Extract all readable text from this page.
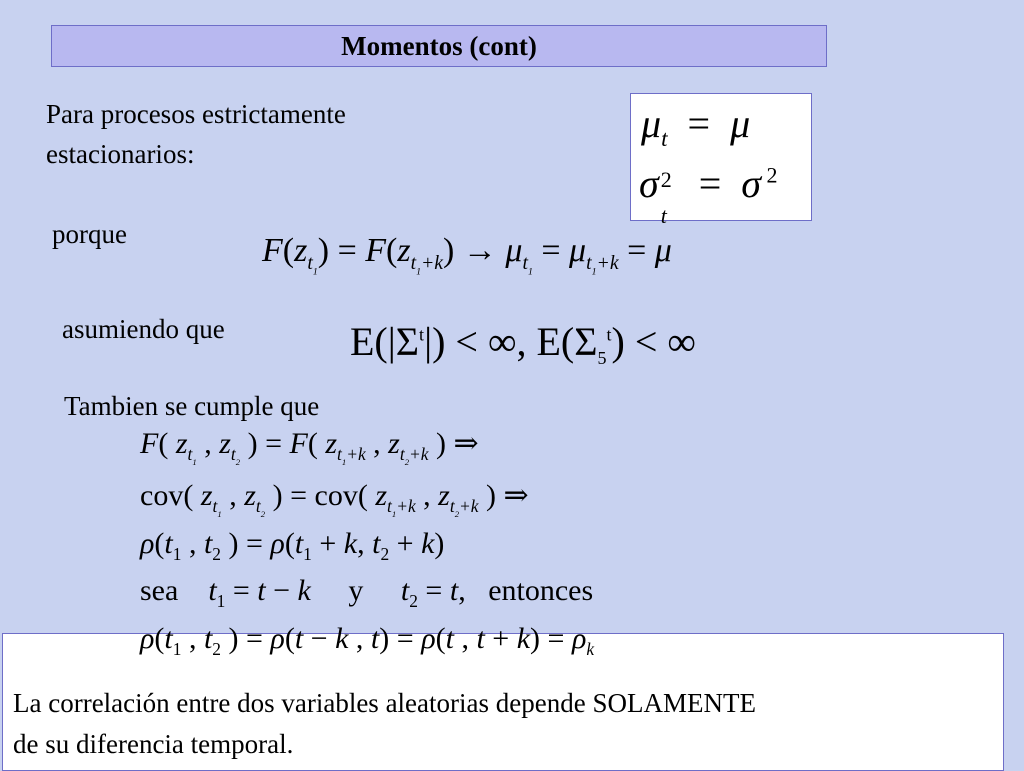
Momentos (cont)
Para procesos estrictamente
estacionarios:
$\mu_t = \mu$
σ 2
t
=  σ $^2$
porque	$F(z_{t_1}) = F(z_{t_1+k}) \to \mu_{t_1} = \mu_{t_1+k} = \mu$
asumiendo que	$E(|\Sigma^t|)$ < ∞, $E(\Sigma_5^t)$ < ∞
Tambien se cumple que
F( $z_{t_1}$ , $z_{t_2}$ ) = F( $z_{t_1+k}$ , $z_{t_2+k}$ ) ⇒
cov( $z_{t_1}$ , $z_{t_2}$ ) = cov( $z_{t_1+k}$ , $z_{t_2+k}$ ) ⇒
$\rho(t_1$ , $t_2$ ) = $\rho(t_1 + k$, $t_2 + k$)
sea $t_1 = t - k$ y $t_2 = t$,   entonces
La correlación entre dos variables aleatorias depende SOLAMENTE
de su diferencia temporal.
$\rho(t_1$ , $t_2$ ) = ρ(t − k , t) = ρ(t , $t + k) = \rho_k$
